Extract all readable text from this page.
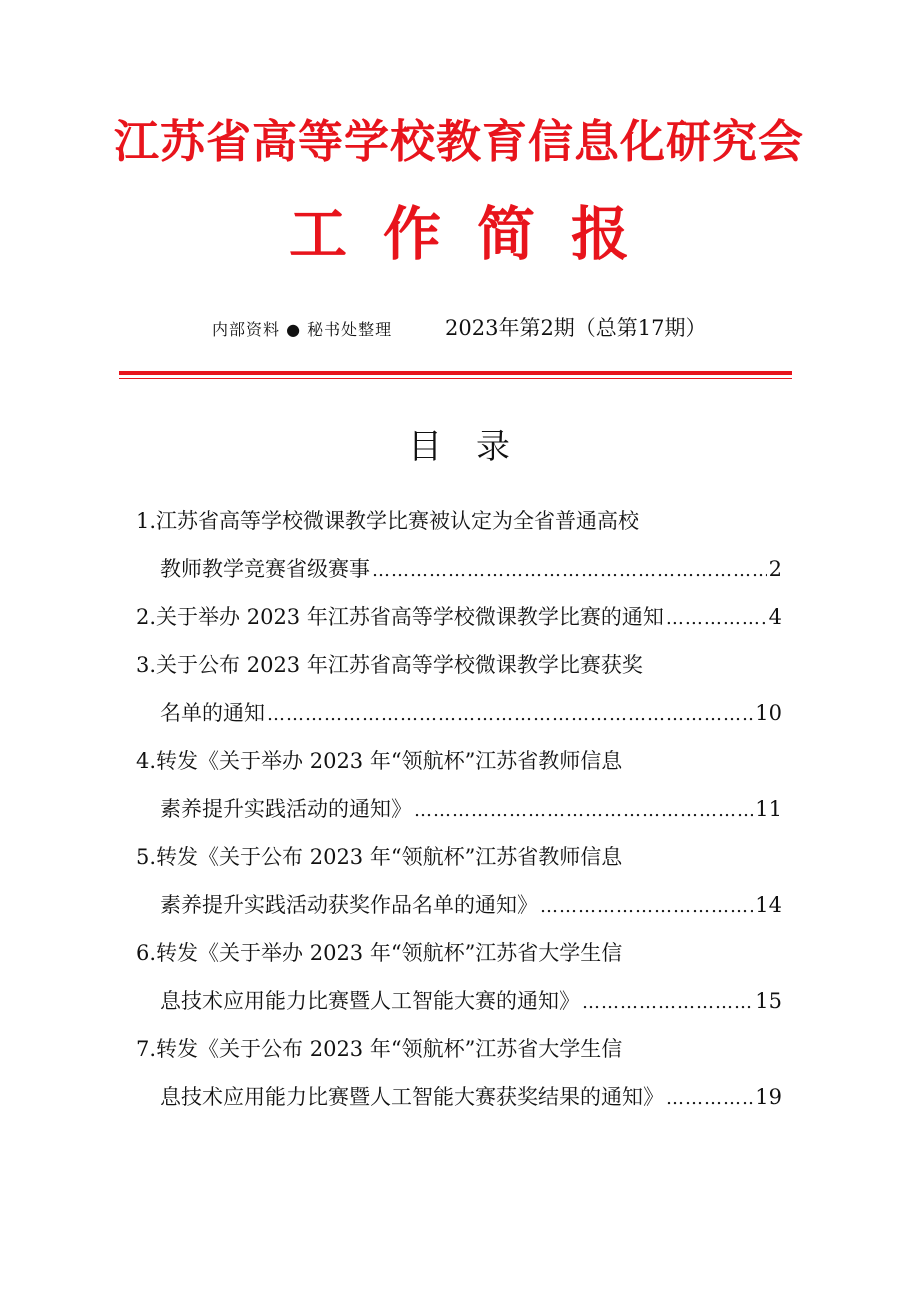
江苏省高等学校教育信息化研究会
工作简报
内部资料 ● 秘书处整理	2023年第2期（总第17期）
目录
1.江苏省高等学校微课教学比赛被认定为全省普通高校
教师教学竞赛省级赛事 ……………………………………………………………………………………………………………………………………………………	2
2.关于举办 2023 年江苏省高等学校微课教学比赛的通知 ……………………………………………………………………………………………………………………………………………………	4
3.关于公布 2023 年江苏省高等学校微课教学比赛获奖
名单的通知 ……………………………………………………………………………………………………………………………………………………	10
4.转发《关于举办 2023 年“领航杯”江苏省教师信息
素养提升实践活动的通知》 ……………………………………………………………………………………………………………………………………………………	11
5.转发《关于公布 2023 年“领航杯”江苏省教师信息
素养提升实践活动获奖作品名单的通知》 ……………………………………………………………………………………………………………………………………………………	14
6.转发《关于举办 2023 年“领航杯”江苏省大学生信
息技术应用能力比赛暨人工智能大赛的通知》 ……………………………………………………………………………………………………………………………………………………	15
7.转发《关于公布 2023 年“领航杯”江苏省大学生信
息技术应用能力比赛暨人工智能大赛获奖结果的通知》 ……………………………………………………………………………………………………………………………………………………	19
